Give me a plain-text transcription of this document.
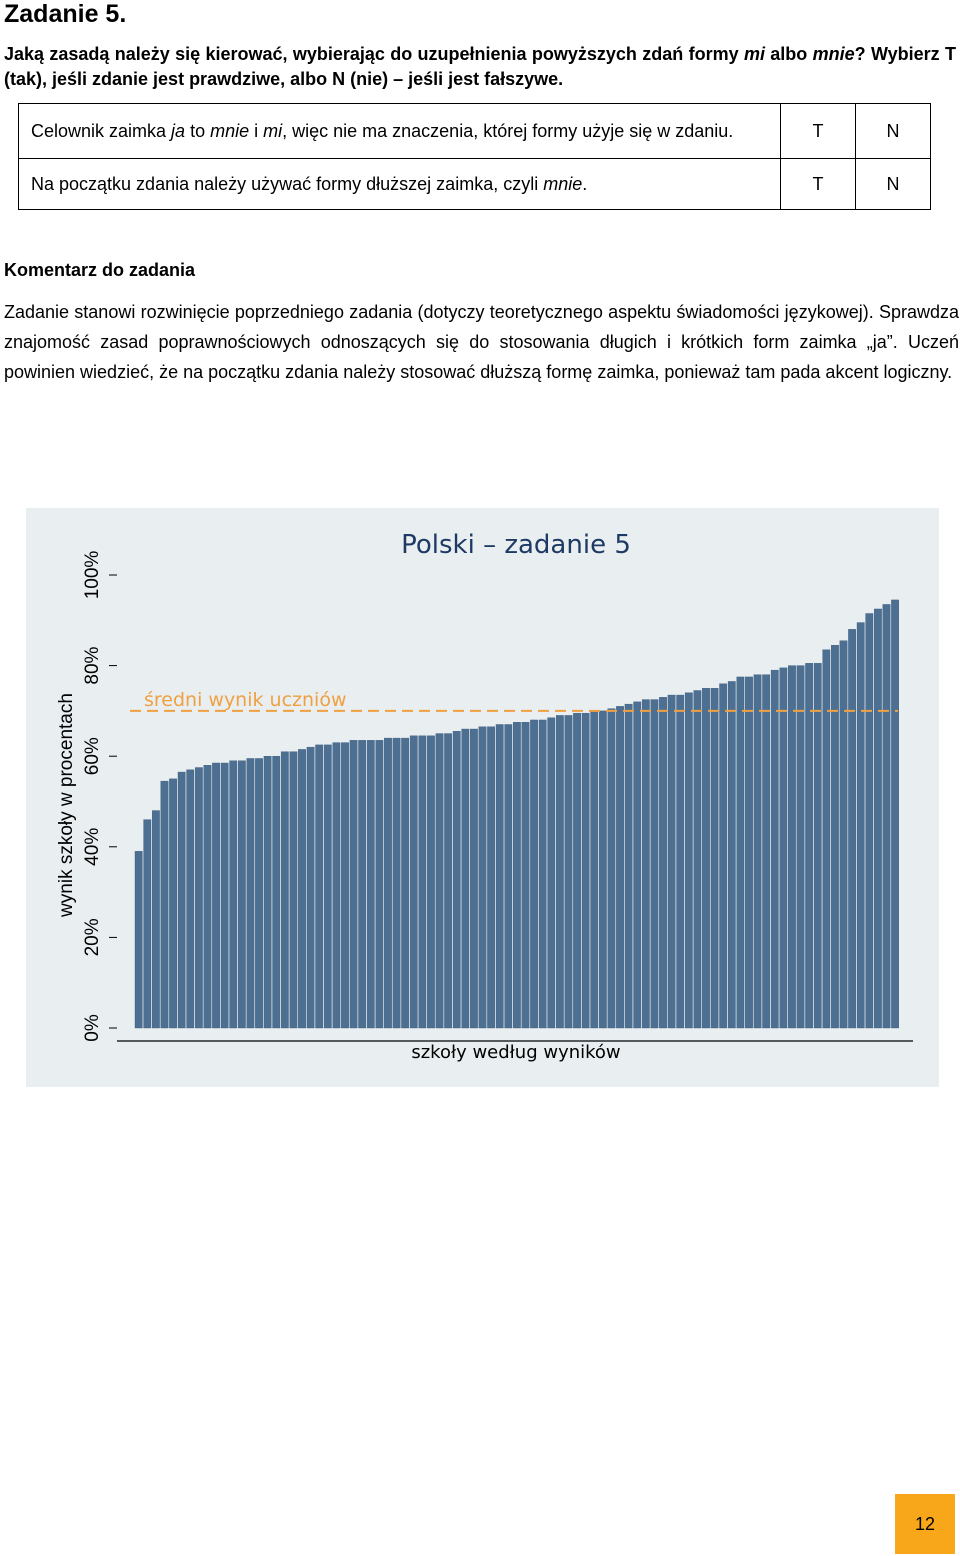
Zadanie 5.

Jaką zasadą należy się kierować, wybierając do uzupełnienia powyższych zdań formy mi albo mnie? Wybierz T (tak), jeśli zdanie jest prawdziwe, albo N (nie) – jeśli jest fałszywe.

Celownik zaimka ja to mnie i mi, więc nie ma znaczenia, której formy użyje się w zdaniu.	T	N
Na początku zdania należy używać formy dłuższej zaimka, czyli mnie.	T	N
Komentarz do zadania

Zadanie stanowi rozwinięcie poprzedniego zadania (dotyczy teoretycznego aspektu świadomości językowej). Sprawdza znajomość zasad poprawnościowych odnoszących się do stosowania długich i krótkich form zaimka „ja”. Uczeń powinien wiedzieć, że na początku zdania należy stosować dłuższą formę zaimka, ponieważ tam pada akcent logiczny.

Polski – zadanie 5
szkoły według wyników
wynik szkoły w procentach
0%
20%
40%
60%
80%
100%
średni wynik uczniów
12
